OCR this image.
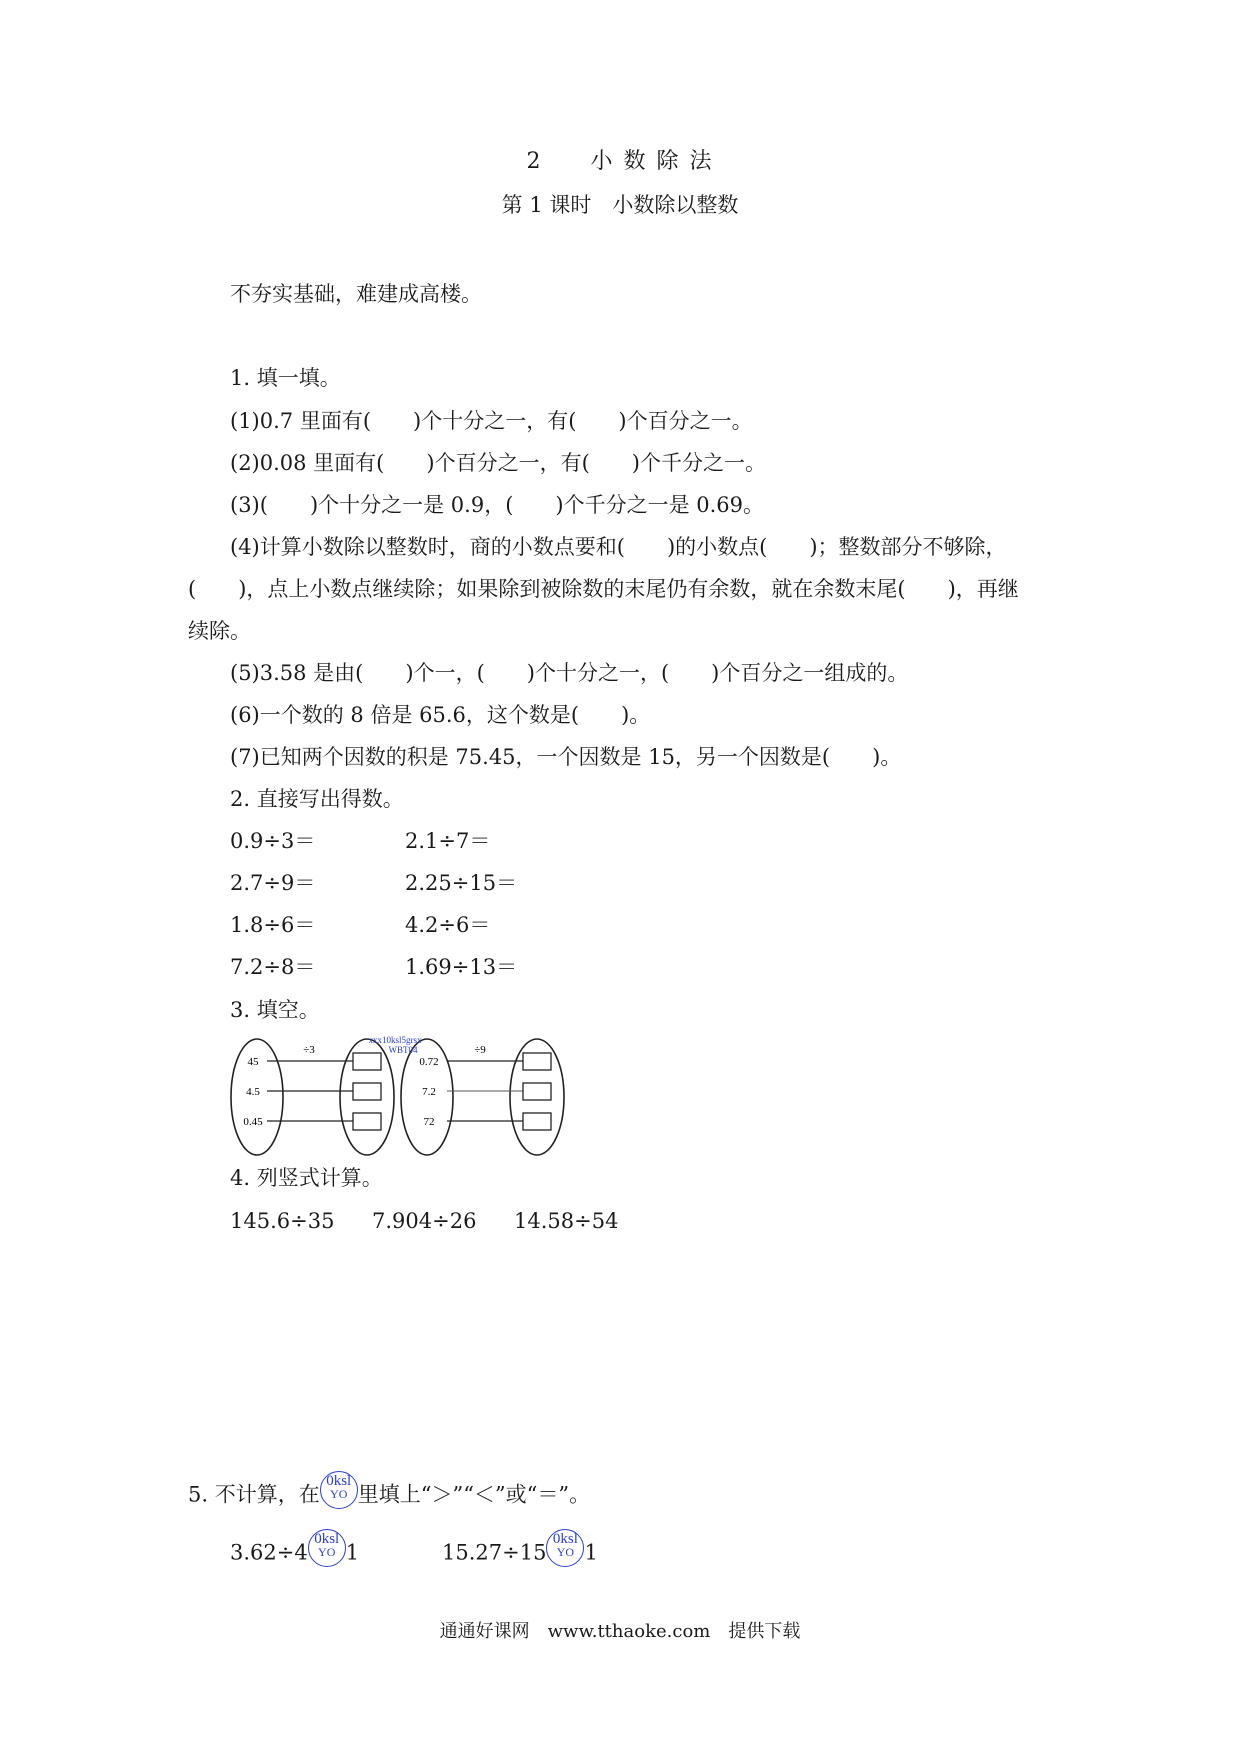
2　　小 数 除 法
第 1 课时　小数除以整数
不夯实基础，难建成高楼。
1. 填一填。
(1)0.7 里面有(　　)个十分之一，有(　　)个百分之一。
(2)0.08 里面有(　　)个百分之一，有(　　)个千分之一。
(3)(　　)个十分之一是 0.9，(　　)个千分之一是 0.69。
(4)计算小数除以整数时，商的小数点要和(　　)的小数点(　　)；整数部分不够除，
(　　)，点上小数点继续除；如果除到被除数的末尾仍有余数，就在余数末尾(　　)，再继
续除。
(5)3.58 是由(　　)个一，(　　)个十分之一，(　　)个百分之一组成的。
(6)一个数的 8 倍是 65.6，这个数是(　　)。
(7)已知两个因数的积是 75.45，一个因数是 15，另一个因数是(　　)。
2. 直接写出得数。
0.9÷3＝	2.1÷7＝
2.7÷9＝	2.25÷15＝
1.8÷6＝	4.2÷6＝
7.2÷8＝	1.69÷13＝
3. 填空。
45
4.5
0.45
÷3
0.72
7.2
72
xxx10ksl5grsx
WBT04	÷9
4. 列竖式计算。
145.6÷35 7.904÷26 14.58÷54
5. 不计算，在
0ksl
YO 里填上“＞”“＜”或“＝”。
3.62÷4
0ksl
YO 1	15.27÷15
0ksl
YO 1
通通好课网　www.tthaoke.com　提供下载
